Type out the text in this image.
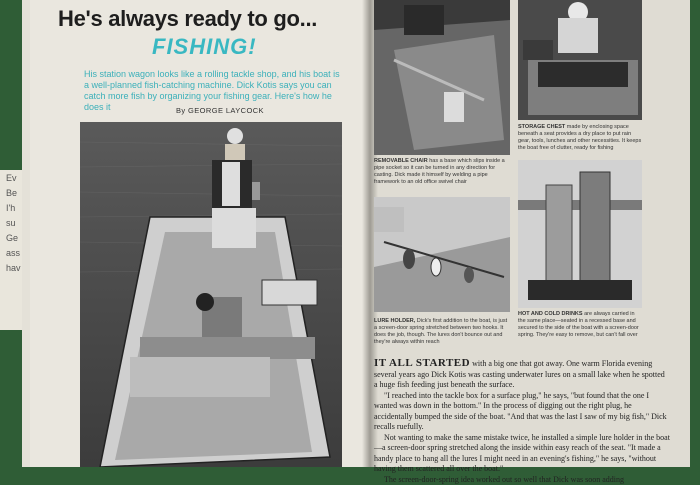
Ev
Be
I'h
su
Ge
ass
hav
He's always ready to go...
FISHING!
His station wagon looks like a rolling tackle shop, and his boat is a well-planned fish-catching machine. Dick Kotis says you can catch more fish by organizing your fishing gear. Here's how he does it	By GEORGE LAYCOCK
REMOVABLE CHAIR has a base which slips inside a pipe socket so it can be turned in any direction for casting. Dick made it himself by welding a pipe framework to an old office swivel chair
STORAGE CHEST made by enclosing space beneath a seat provides a dry place to put rain gear, tools, lunches and other necessities. It keeps the boat free of clutter, ready for fishing
LURE HOLDER, Dick's first addition to the boat, is just a screen-door spring stretched between two hooks. It does the job, though. The lures don't bounce out and they're always within reach
HOT AND COLD DRINKS are always carried in the same place—seated in a recessed base and secured to the side of the boat with a screen-door spring. They're easy to remove, but can't fall over

IT ALL STARTED with a big one that got away. One warm Florida evening several years ago Dick Kotis was casting underwater lures on a small lake when he spotted a huge fish feeding just beneath the surface.

"I reached into the tackle box for a surface plug," he says, "but found that the one I wanted was down in the bottom." In the process of digging out the right plug, he accidentally bumped the side of the boat. "And that was the last I saw of my big fish," Dick recalls ruefully.

Not wanting to make the same mistake twice, he installed a simple lure holder in the boat—a screen-door spring stretched along the inside within easy reach of the seat. "It made a handy place to hang all the lures I might need in an evening's fishing," he says, "without having them scattered all over the boat."

The screen-door-spring idea worked out so well that Dick was soon adding
